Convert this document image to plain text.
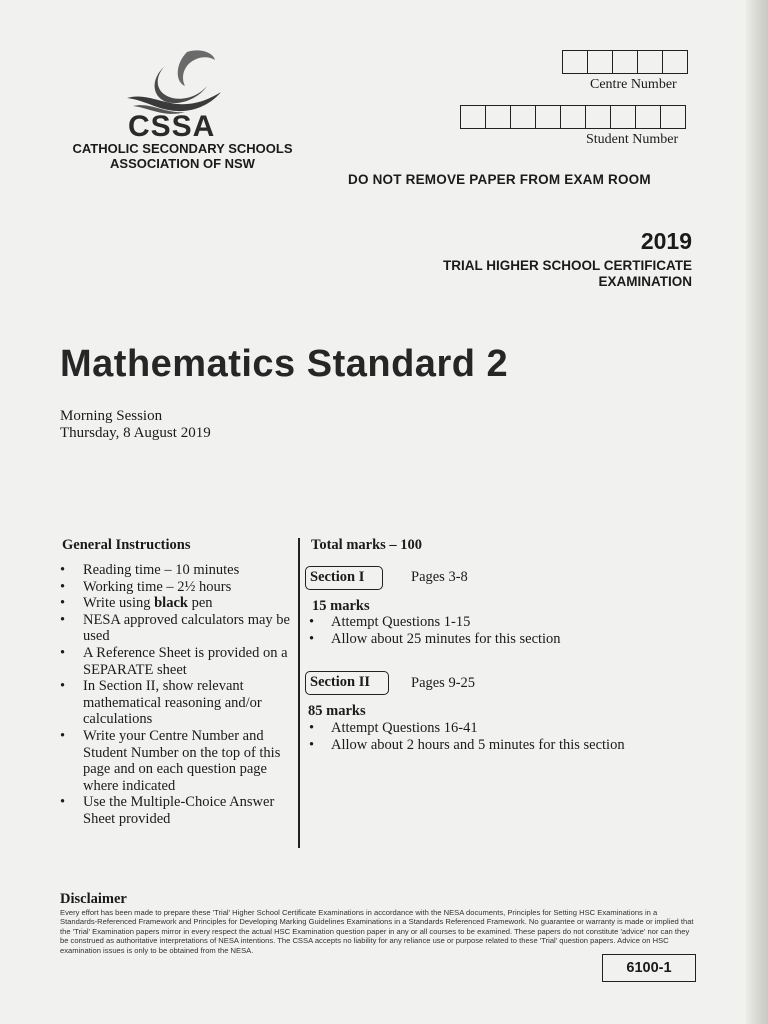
CSSA
CATHOLIC SECONDARY SCHOOLS
ASSOCIATION OF NSW
Centre Number
Student Number
DO NOT REMOVE PAPER FROM EXAM ROOM
2019
TRIAL HIGHER SCHOOL CERTIFICATE
EXAMINATION
Mathematics Standard 2
Morning Session
Thursday, 8 August 2019
General Instructions
• Reading time – 10 minutes
• Working time – 2½ hours
• Write using black pen
• NESA approved calculators may be used
• A Reference Sheet is provided on a SEPARATE sheet
• In Section II, show relevant mathematical reasoning and/or calculations
• Write your Centre Number and Student Number on the top of this page and on each question page where indicated
• Use the Multiple-Choice Answer Sheet provided
Total marks – 100
Section I	Pages 3-8
15 marks
• Attempt Questions 1-15
• Allow about 25 minutes for this section
Section II	Pages 9-25
85 marks
• Attempt Questions 16-41
• Allow about 2 hours and 5 minutes for this section
Disclaimer
Every effort has been made to prepare these 'Trial' Higher School Certificate Examinations in accordance with the NESA documents, Principles for Setting HSC Examinations in a Standards-Referenced Framework and Principles for Developing Marking Guidelines Examinations in a Standards Referenced Framework. No guarantee or warranty is made or implied that the 'Trial' Examination papers mirror in every respect the actual HSC Examination question paper in any or all courses to be examined. These papers do not constitute 'advice' nor can they be construed as authoritative interpretations of NESA intentions. The CSSA accepts no liability for any reliance use or purpose related to these 'Trial' question papers. Advice on HSC examination issues is only to be obtained from the NESA.
6100-1
